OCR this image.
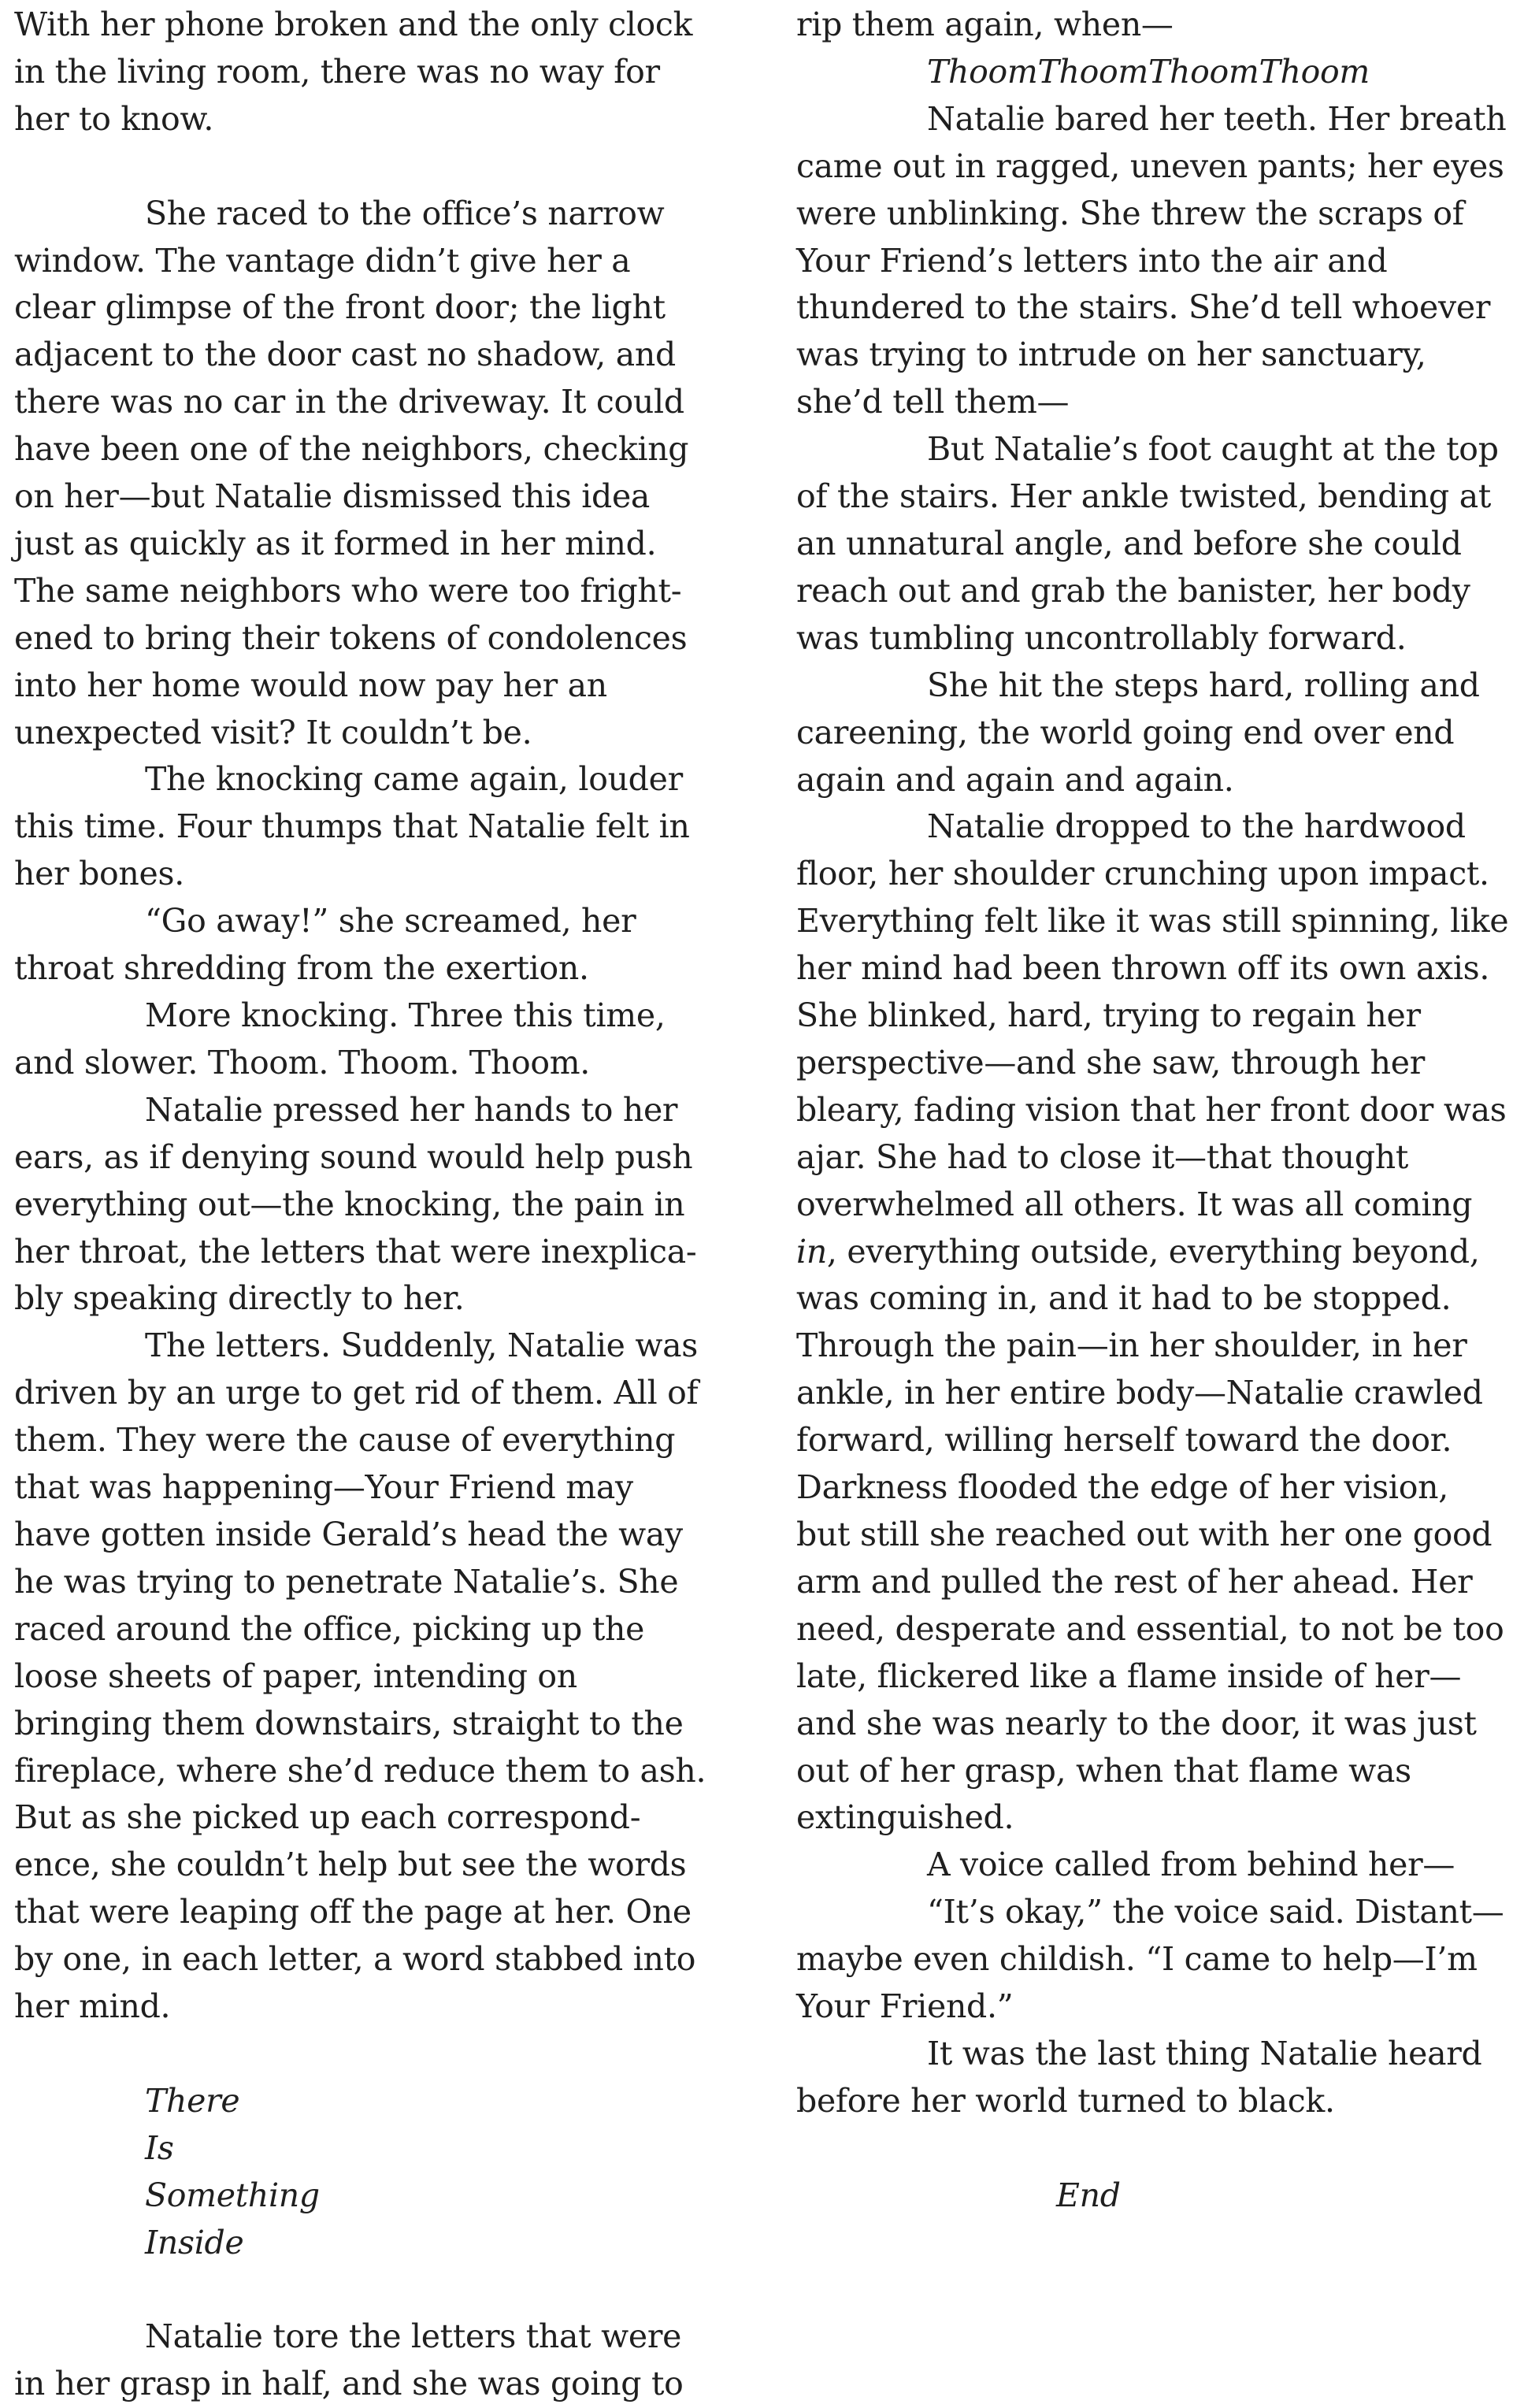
With her phone broken and the only clock in the living room, there was no way for her to know.

She raced to the office’s narrow window. The vantage didn’t give her a clear glimpse of the front door; the light adjacent to the door cast no shadow, and there was no car in the driveway. It could have been one of the neighbors, checking on her—but Natalie dismissed this idea just as quickly as it formed in her mind. The same neighbors who were too frightened to bring their tokens of condolences into her home would now pay her an unexpected visit? It couldn’t be.

The knocking came again, louder this time. Four thumps that Natalie felt in her bones.

“Go away!” she screamed, her throat shredding from the exertion.

More knocking. Three this time, and slower. Thoom. Thoom. Thoom.

Natalie pressed her hands to her ears, as if denying sound would help push everything out—the knocking, the pain in her throat, the letters that were inexplicably speaking directly to her.

The letters. Suddenly, Natalie was driven by an urge to get rid of them. All of them. They were the cause of everything that was happening—Your Friend may have gotten inside Gerald’s head the way he was trying to penetrate Natalie’s. She raced around the office, picking up the loose sheets of paper, intending on bringing them downstairs, straight to the fireplace, where she’d reduce them to ash. But as she picked up each correspondence, she couldn’t help but see the words that were leaping off the page at her. One by one, in each letter, a word stabbed into her mind.

There
Is
Something
Inside

Natalie tore the letters that were in her grasp in half, and she was going to

rip them again, when—

ThoomThoomThoomThoom

Natalie bared her teeth. Her breath came out in ragged, uneven pants; her eyes were unblinking. She threw the scraps of Your Friend’s letters into the air and thundered to the stairs. She’d tell whoever was trying to intrude on her sanctuary, she’d tell them—

But Natalie’s foot caught at the top of the stairs. Her ankle twisted, bending at an unnatural angle, and before she could reach out and grab the banister, her body was tumbling uncontrollably forward.

She hit the steps hard, rolling and careening, the world going end over end again and again and again.

Natalie dropped to the hardwood floor, her shoulder crunching upon impact. Everything felt like it was still spinning, like her mind had been thrown off its own axis. She blinked, hard, trying to regain her perspective—and she saw, through her bleary, fading vision that her front door was ajar. She had to close it—that thought overwhelmed all others. It was all coming in, everything outside, everything beyond, was coming in, and it had to be stopped. Through the pain—in her shoulder, in her ankle, in her entire body—Natalie crawled forward, willing herself toward the door. Darkness flooded the edge of her vision, but still she reached out with her one good arm and pulled the rest of her ahead. Her need, desperate and essential, to not be too late, flickered like a flame inside of her—and she was nearly to the door, it was just out of her grasp, when that flame was extinguished.

A voice called from behind her—

“It’s okay,” the voice said. Distant—maybe even childish. “I came to help—I’m Your Friend.”

It was the last thing Natalie heard before her world turned to black.

End
